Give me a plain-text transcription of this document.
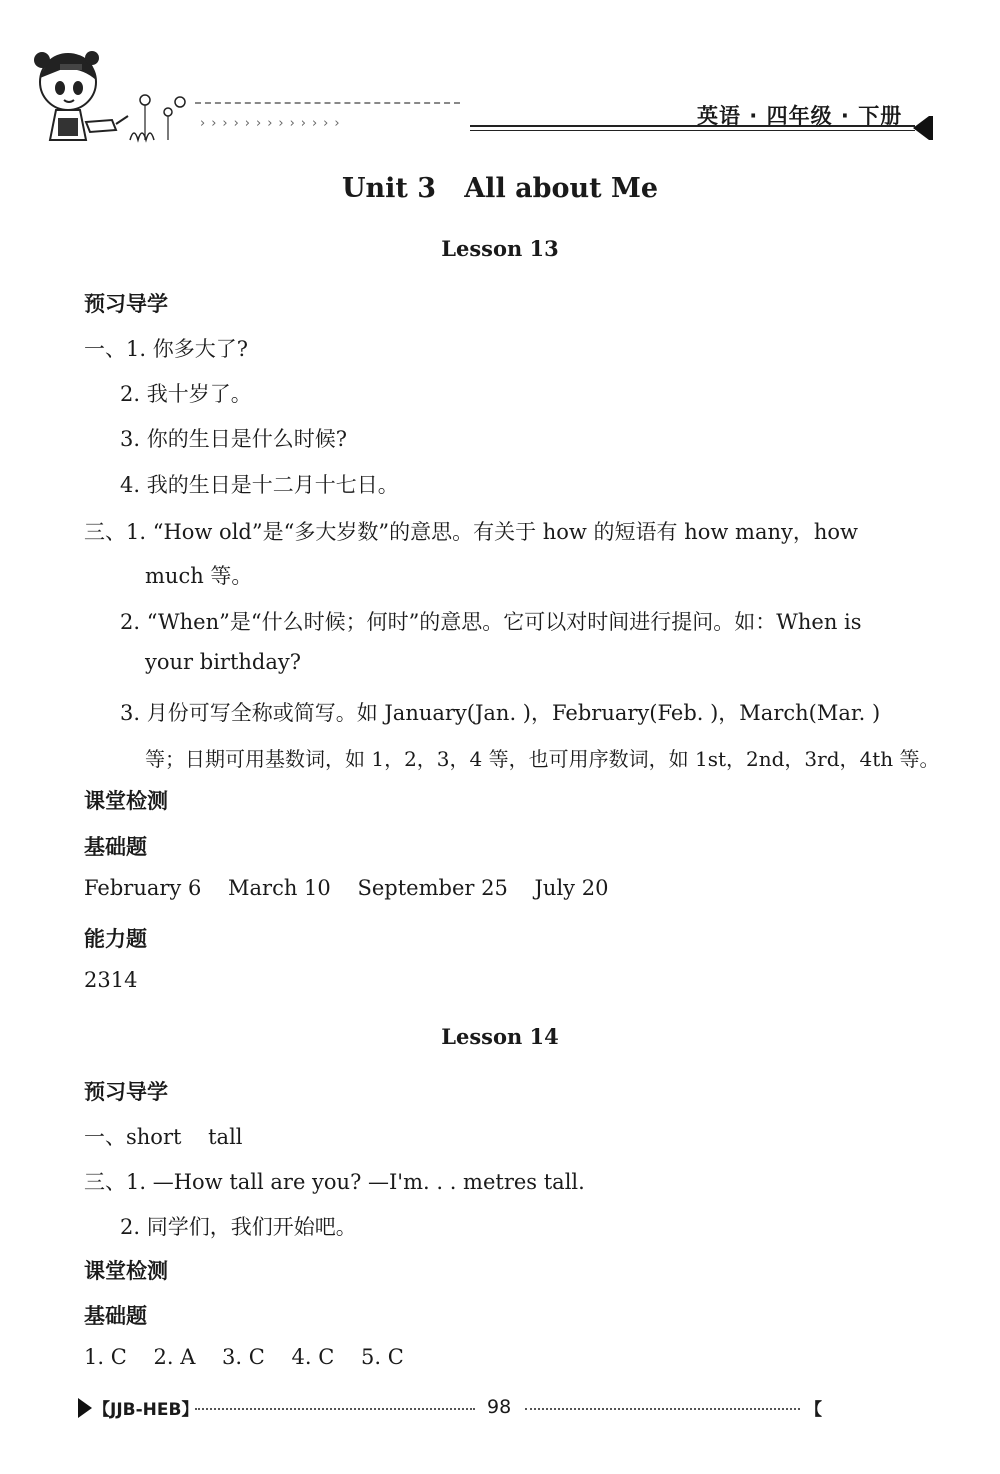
›››››››››››››	英语 · 四年级 · 下册
Unit 3 All about Me
Lesson 13
预习导学
一、1. 你多大了?
2. 我十岁了。
3. 你的生日是什么时候?
4. 我的生日是十二月十七日。
三、1. “How old”是“多大岁数”的意思。有关于 how 的短语有 how many，how
much 等。
2. “When”是“什么时候；何时”的意思。它可以对时间进行提问。如：When is
your birthday?
3. 月份可写全称或简写。如 January(Jan. )，February(Feb. )，March(Mar. )
等；日期可用基数词，如 1，2，3，4 等，也可用序数词，如 1st，2nd，3rd，4th 等。
课堂检测
基础题
February 6    March 10    September 25    July 20
能力题
2314
Lesson 14
预习导学
一、short    tall
三、1. —How tall are you? —I'm. . . metres tall.
2. 同学们，我们开始吧。
课堂检测
基础题
1. C    2. A    3. C    4. C    5. C
【JJB-HEB】	98	【
